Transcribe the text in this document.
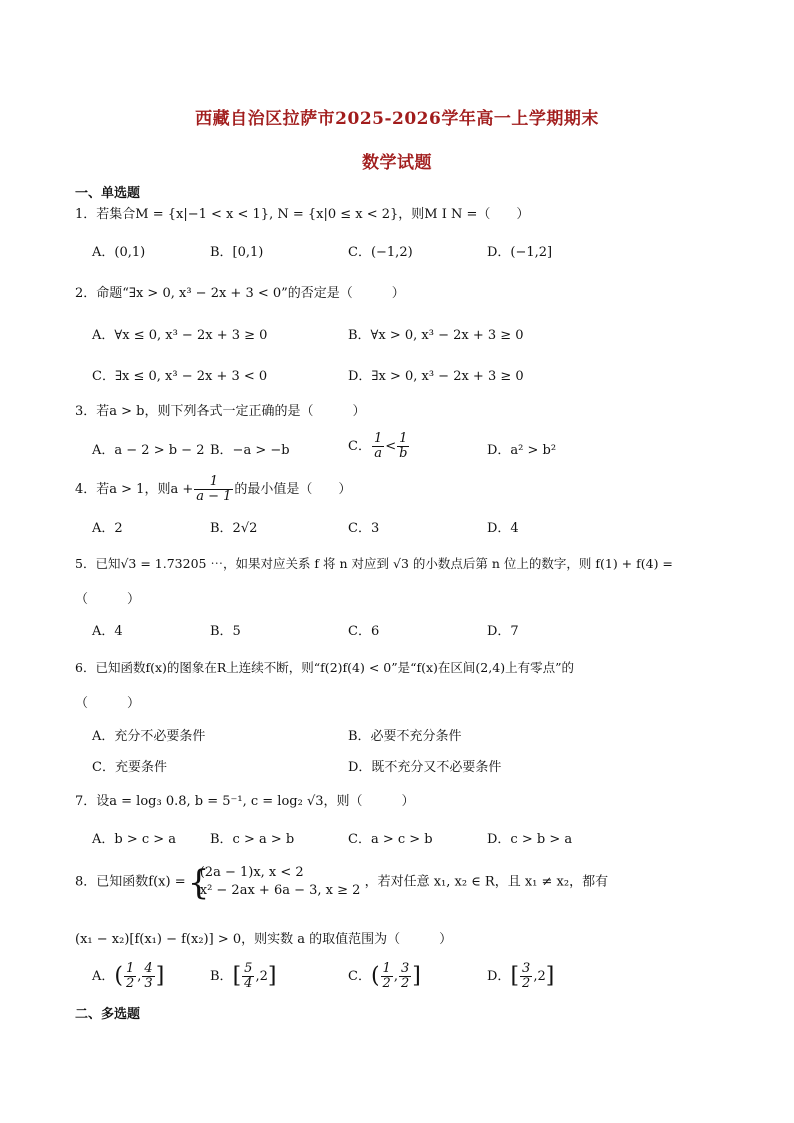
西藏自治区拉萨市2025-2026学年高一上学期期末
数学试题
一、单选题
1．若集合M = {x|−1 < x < 1}, N = {x|0 ≤ x < 2}，则M I N =（　　）
A．(0,1)	B．[0,1)	C．(−1,2)	D．(−1,2]
2．命题“∃x > 0, x³ − 2x + 3 < 0”的否定是（　　　）
A．∀x ≤ 0, x³ − 2x + 3 ≥ 0	B．∀x > 0, x³ − 2x + 3 ≥ 0
C．∃x ≤ 0, x³ − 2x + 3 < 0	D．∃x > 0, x³ − 2x + 3 ≥ 0
3．若a > b，则下列各式一定正确的是（　　　）
A．a − 2 > b − 2 B．−a > −b	C． $\frac{1}{a} < \frac{1}{b}$	D．a² > b²
4．若a > 1，则$a + \frac{1}{a - 1}$ 的最小值是（　　）
A．2	B．2√2	C．3	D．4
5．已知√3 = 1.73205 ⋯，如果对应关系 f 将 n 对应到 √3 的小数点后第 n 位上的数字，则 f(1) + f(4) =
（　　　）
A．4	B．5	C．6	D．7
6．已知函数f(x)的图象在R上连续不断，则“f(2)f(4) < 0”是“f(x)在区间(2,4)上有零点”的
（　　　）
A．充分不必要条件	B．必要不充分条件
C．充要条件	D．既不充分又不必要条件
7．设a = log₃ 0.8, b = 5⁻¹, c = log₂ √3，则（　　　）
A．b > c > a	B．c > a > b	C．a > c > b	D．c > b > a
8．已知函数f(x) =
{ (2a − 1)x, x < 2
x² − 2ax + 6a − 3, x ≥ 2
，若对任意 x₁, x₂ ∈ R，且 x₁ ≠ x₂，都有
(x₁ − x₂)[f(x₁) − f(x₂)] > 0，则实数 a 的取值范围为（　　　）
A．( $\frac{1}{2}$ , $\frac{4}{3}$ ]	B．[ $\frac{5}{4} ,2$]	C．( $\frac{1}{2}$ , $\frac{3}{2}$ ]	D．[ $\frac{3}{2} ,2$]
二、多选题
